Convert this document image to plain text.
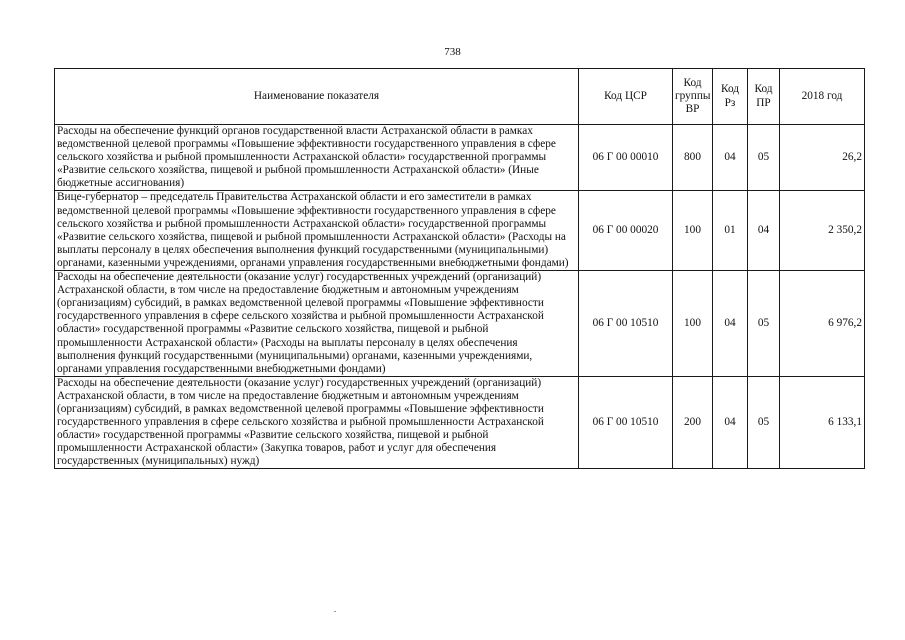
738
Наименование показателя	Код ЦСР	Код группы ВР	Код Рз	Код ПР	2018 год
Расходы на обеспечение функций органов государственной власти Астраханской области в рамках ведомственной целевой программы «Повышение эффективности государственного управления в сфере сельского хозяйства и рыбной промышленности Астраханской области» государственной программы «Развитие сельского хозяйства, пищевой и рыбной промышленности Астраханской области» (Иные бюджетные ассигнования)	06 Г 00 00010	800	04	05	26,2
Вице-губернатор – председатель Правительства Астраханской области и его заместители в рамках ведомственной целевой программы «Повышение эффективности государственного управления в сфере сельского хозяйства и рыбной промышленности Астраханской области» государственной программы «Развитие сельского хозяйства, пищевой и рыбной промышленности Астраханской области» (Расходы на выплаты персоналу в целях обеспечения выполнения функций государственными (муниципальными) органами, казенными учреждениями, органами управления государственными внебюджетными фондами)	06 Г 00 00020	100	01	04	2 350,2
Расходы на обеспечение деятельности (оказание услуг) государственных учреждений (организаций) Астраханской области, в том числе на предоставление бюджетным и автономным учреждениям (организациям) субсидий, в рамках ведомственной целевой программы «Повышение эффективности государственного управления в сфере сельского хозяйства и рыбной промышленности Астраханской области» государственной программы «Развитие сельского хозяйства, пищевой и рыбной промышленности Астраханской области» (Расходы на выплаты персоналу в целях обеспечения выполнения функций государственными (муниципальными) органами, казенными учреждениями, органами управления государственными внебюджетными фондами)	06 Г 00 10510	100	04	05	6 976,2
Расходы на обеспечение деятельности (оказание услуг) государственных учреждений (организаций) Астраханской области, в том числе на предоставление бюджетным и автономным учреждениям (организациям) субсидий, в рамках ведомственной целевой программы «Повышение эффективности государственного управления в сфере сельского хозяйства и рыбной промышленности Астраханской области» государственной программы «Развитие сельского хозяйства, пищевой и рыбной промышленности Астраханской области» (Закупка товаров, работ и услуг для обеспечения государственных (муниципальных) нужд)	06 Г 00 10510	200	04	05	6 133,1
